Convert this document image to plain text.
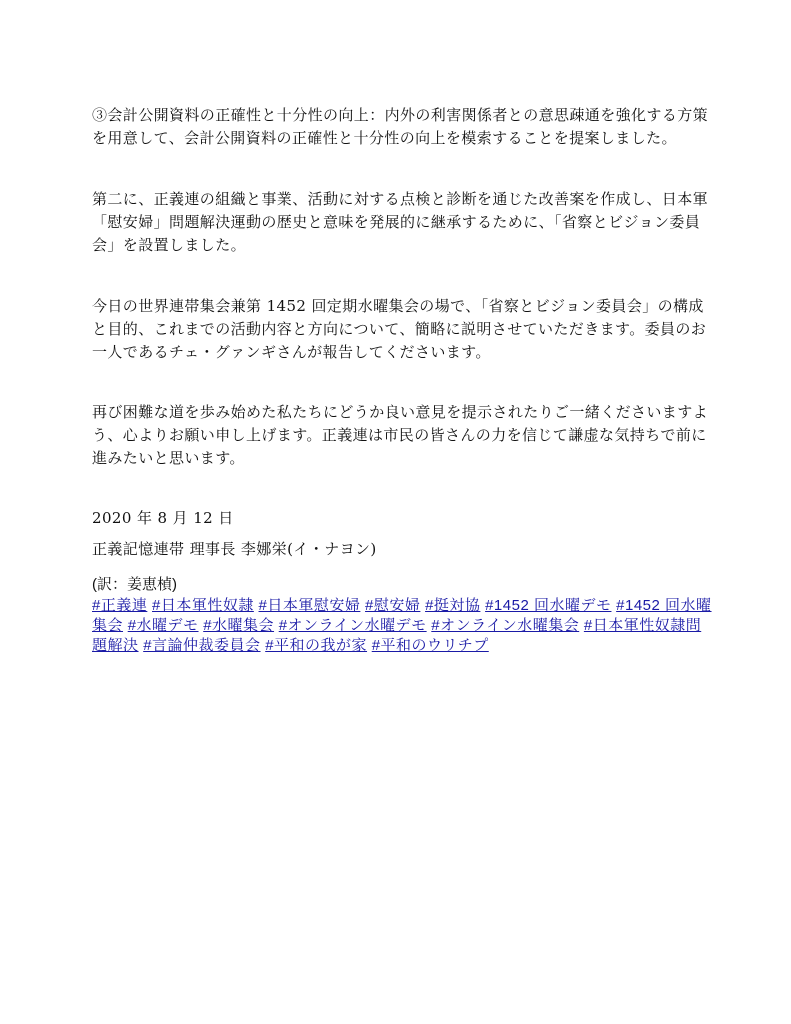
③会計公開資料の正確性と十分性の向上：内外の利害関係者との意思疎通を強化する方策を用意して、会計公開資料の正確性と十分性の向上を模索することを提案しました。

第二に、正義連の組織と事業、活動に対する点検と診断を通じた改善案を作成し、日本軍「慰安婦」問題解決運動の歴史と意味を発展的に継承するために、「省察とビジョン委員会」を設置しました。

今日の世界連帯集会兼第 1452 回定期水曜集会の場で、「省察とビジョン委員会」の構成と目的、これまでの活動内容と方向について、簡略に説明させていただきます。委員のお一人であるチェ・グァンギさんが報告してくださいます。

再び困難な道を歩み始めた私たちにどうか良い意見を提示されたりご一緒くださいますよう、心よりお願い申し上げます。正義連は市民の皆さんの力を信じて謙虚な気持ちで前に進みたいと思います。

2020 年 8 月 12 日

正義記憶連帯 理事長 李娜栄(イ・ナヨン)

(訳：姜恵楨)

#正義連 #日本軍性奴隷 #日本軍慰安婦 #慰安婦 #挺対協 #1452 回水曜デモ #1452 回水曜集会 #水曜デモ #水曜集会 #オンライン水曜デモ #オンライン水曜集会 #日本軍性奴隷問題解決 #言論仲裁委員会 #平和の我が家 #平和のウリチプ
